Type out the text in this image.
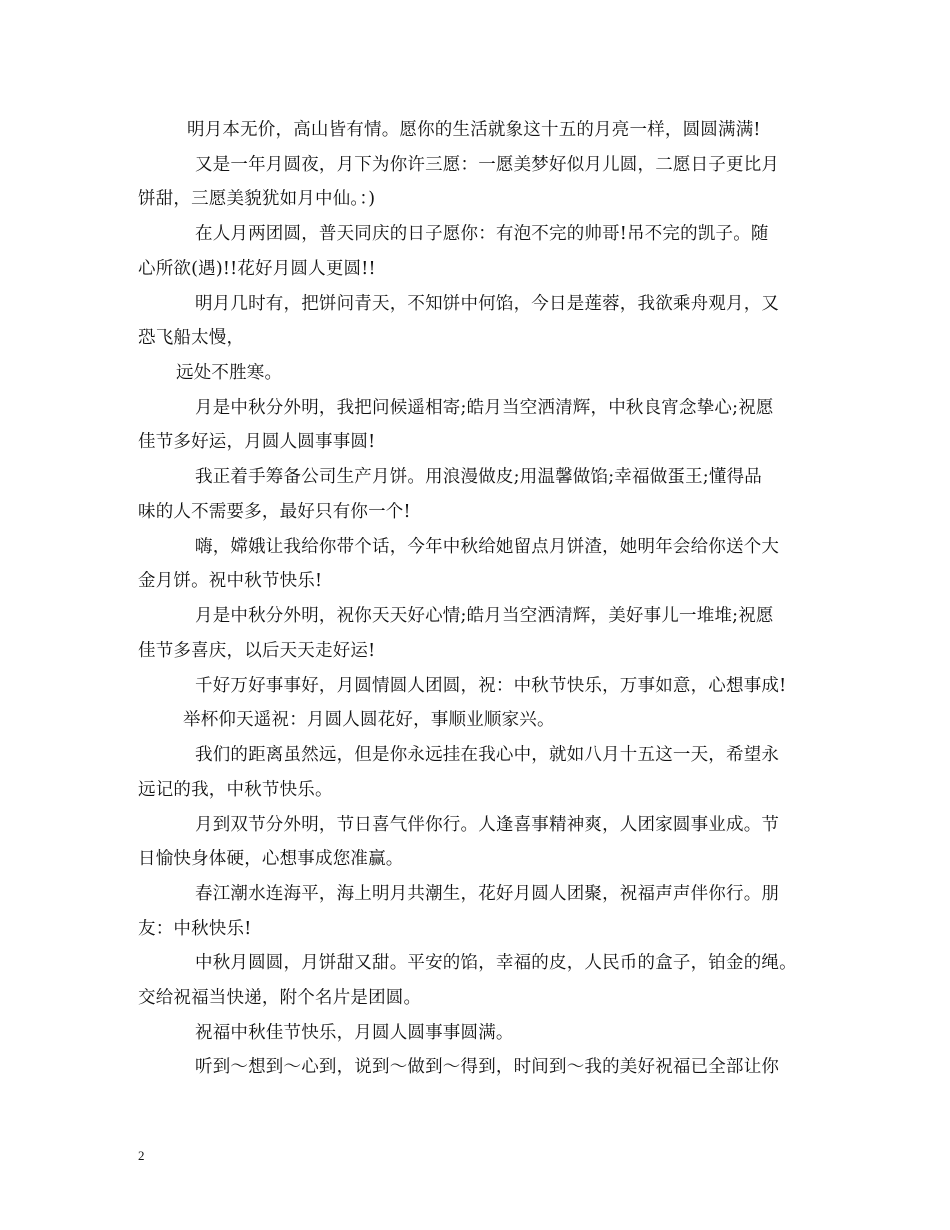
明月本无价，高山皆有情。愿你的生活就象这十五的月亮一样，圆圆满满!
又是一年月圆夜，月下为你许三愿：一愿美梦好似月儿圆，二愿日子更比月
饼甜，三愿美貌犹如月中仙。：)
在人月两团圆，普天同庆的日子愿你：有泡不完的帅哥!吊不完的凯子。随
心所欲(遇)!!花好月圆人更圆!!
明月几时有，把饼问青天，不知饼中何馅，今日是莲蓉，我欲乘舟观月，又
恐飞船太慢，
远处不胜寒。
月是中秋分外明，我把问候遥相寄;皓月当空洒清辉，中秋良宵念挚心;祝愿
佳节多好运，月圆人圆事事圆!
我正着手筹备公司生产月饼。用浪漫做皮;用温馨做馅;幸福做蛋王;懂得品
味的人不需要多，最好只有你一个!
嗨，嫦娥让我给你带个话，今年中秋给她留点月饼渣，她明年会给你送个大
金月饼。祝中秋节快乐!
月是中秋分外明，祝你天天好心情;皓月当空洒清辉，美好事儿一堆堆;祝愿
佳节多喜庆，以后天天走好运!
千好万好事事好，月圆情圆人团圆，祝：中秋节快乐，万事如意，心想事成!
举杯仰天遥祝：月圆人圆花好，事顺业顺家兴。
我们的距离虽然远，但是你永远挂在我心中，就如八月十五这一天，希望永
远记的我，中秋节快乐。
月到双节分外明，节日喜气伴你行。人逢喜事精神爽，人团家圆事业成。节
日愉快身体硬，心想事成您准赢。
春江潮水连海平，海上明月共潮生，花好月圆人团聚，祝福声声伴你行。朋
友：中秋快乐!
中秋月圆圆，月饼甜又甜。平安的馅，幸福的皮，人民币的盒子，铂金的绳。
交给祝福当快递，附个名片是团圆。
祝福中秋佳节快乐，月圆人圆事事圆满。
听到～想到～心到，说到～做到～得到，时间到～我的美好祝福已全部让你
2
